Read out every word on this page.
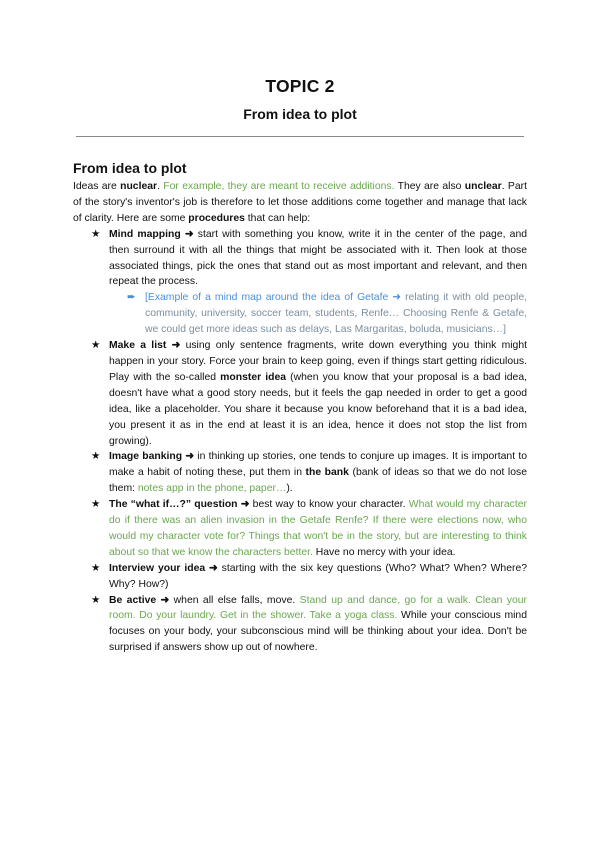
TOPIC 2
From idea to plot
From idea to plot

Ideas are nuclear. For example, they are meant to receive additions. They are also unclear. Part of the story's inventor's job is therefore to let those additions come together and manage that lack of clarity. Here are some procedures that can help:

★ Mind mapping ➜ start with something you know, write it in the center of the page, and then surround it with all the things that might be associated with it. Then look at those associated things, pick the ones that stand out as most important and relevant, and then repeat the process.
➨ [Example of a mind map around the idea of Getafe ➜ relating it with old people, community, university, soccer team, students, Renfe… Choosing Renfe & Getafe, we could get more ideas such as delays, Las Margaritas, boluda, musicians…]
★ Make a list ➜ using only sentence fragments, write down everything you think might happen in your story. Force your brain to keep going, even if things start getting ridiculous. Play with the so-called monster idea (when you know that your proposal is a bad idea, doesn't have what a good story needs, but it feels the gap needed in order to get a good idea, like a placeholder. You share it because you know beforehand that it is a bad idea, you present it as in the end at least it is an idea, hence it does not stop the list from growing).
★ Image banking ➜ in thinking up stories, one tends to conjure up images. It is important to make a habit of noting these, put them in the bank (bank of ideas so that we do not lose them: notes app in the phone, paper…).
★ The “what if…?” question ➜ best way to know your character. What would my character do if there was an alien invasion in the Getafe Renfe? If there were elections now, who would my character vote for? Things that won't be in the story, but are interesting to think about so that we know the characters better. Have no mercy with your idea.
★ Interview your idea ➜ starting with the six key questions (Who? What? When? Where? Why? How?)
★ Be active ➜ when all else falls, move. Stand up and dance, go for a walk. Clean your room. Do your laundry. Get in the shower. Take a yoga class. While your conscious mind focuses on your body, your subconscious mind will be thinking about your idea. Don't be surprised if answers show up out of nowhere.
